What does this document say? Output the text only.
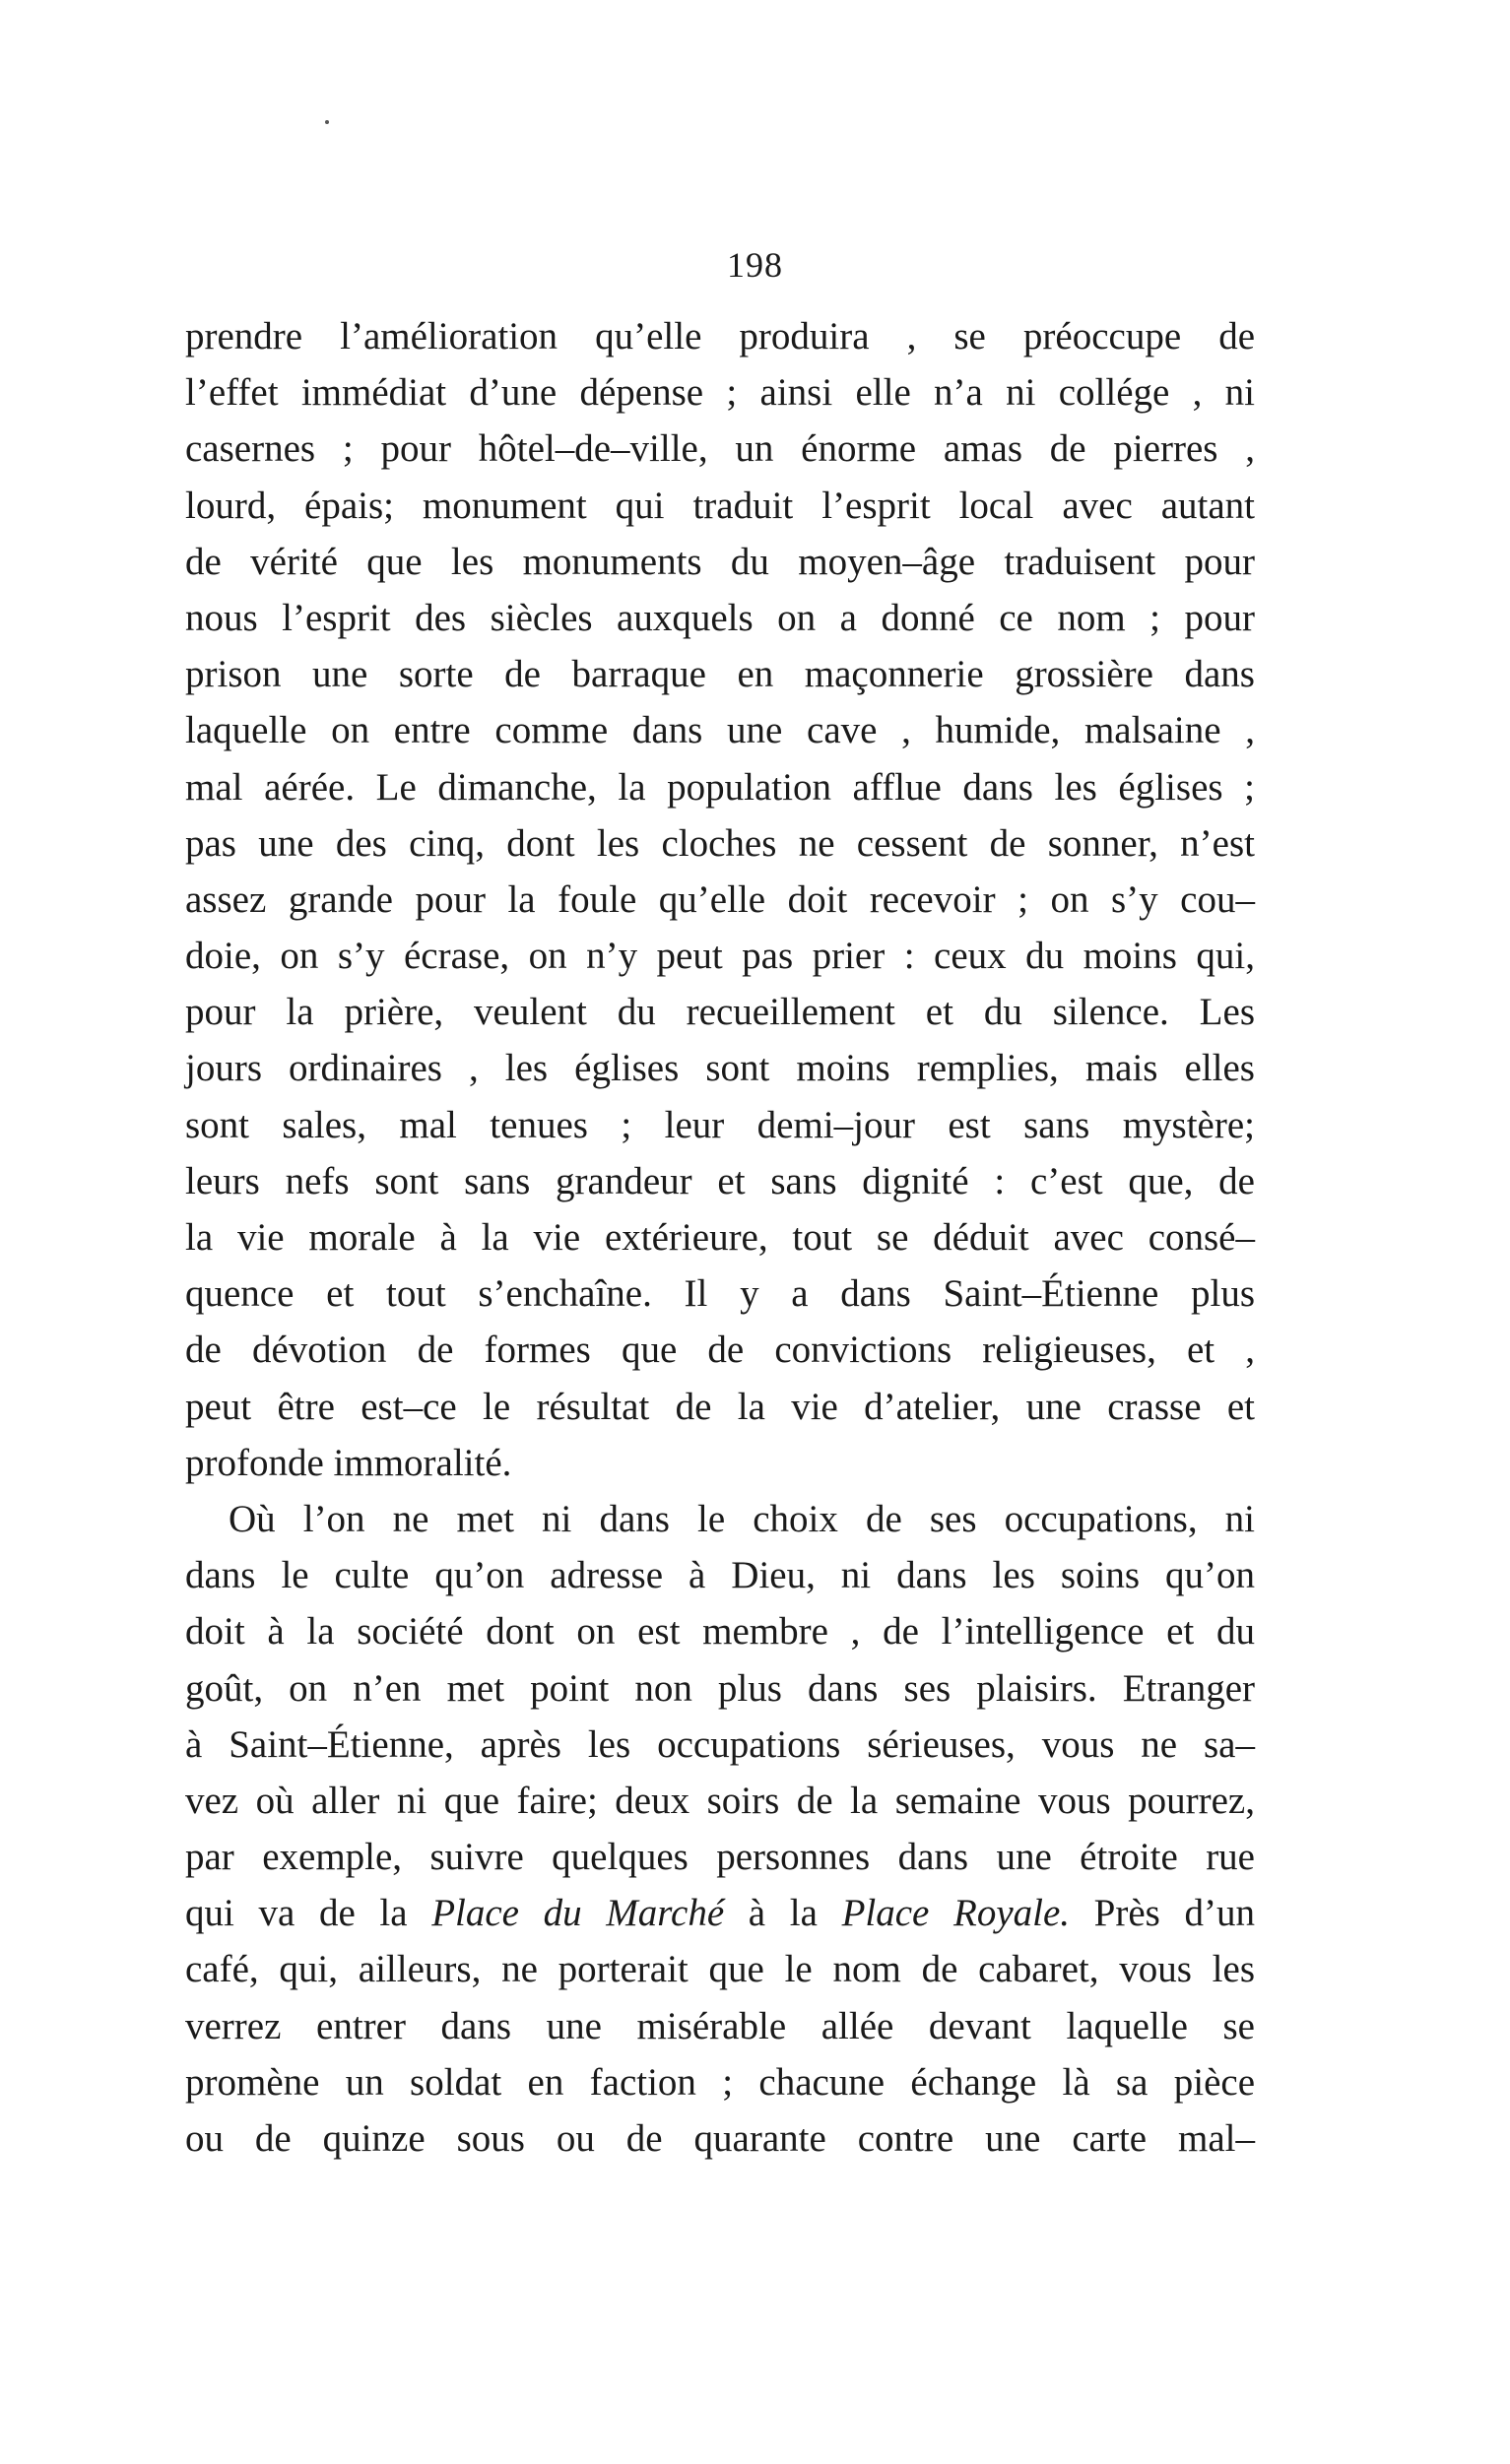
198
prendre l’amélioration qu’elle produira , se préoccupe de
l’effet immédiat d’une dépense ; ainsi elle n’a ni collége , ni
casernes ; pour hôtel–de–ville, un énorme amas de pierres ,
lourd, épais; monument qui traduit l’esprit local avec autant
de vérité que les monuments du moyen–âge traduisent pour
nous l’esprit des siècles auxquels on a donné ce nom ; pour
prison une sorte de barraque en maçonnerie grossière dans
laquelle on entre comme dans une cave , humide, malsaine ,
mal aérée. Le dimanche, la population afflue dans les églises ;
pas une des cinq, dont les cloches ne cessent de sonner, n’est
assez grande pour la foule qu’elle doit recevoir ; on s’y cou–
doie, on s’y écrase, on n’y peut pas prier : ceux du moins qui,
pour la prière, veulent du recueillement et du silence. Les
jours ordinaires , les églises sont moins remplies, mais elles
sont sales, mal tenues ; leur demi–jour est sans mystère;
leurs nefs sont sans grandeur et sans dignité : c’est que, de
la vie morale à la vie extérieure, tout se déduit avec consé–
quence et tout s’enchaîne. Il y a dans Saint–Étienne plus
de dévotion de formes que de convictions religieuses, et ,
peut être est–ce le résultat de la vie d’atelier, une crasse et
profonde immoralité.
Où l’on ne met ni dans le choix de ses occupations, ni
dans le culte qu’on adresse à Dieu, ni dans les soins qu’on
doit à la société dont on est membre , de l’intelligence et du
goût, on n’en met point non plus dans ses plaisirs. Etranger
à Saint–Étienne, après les occupations sérieuses, vous ne sa–
vez où aller ni que faire; deux soirs de la semaine vous pourrez,
par exemple, suivre quelques personnes dans une étroite rue
qui va de la Place du Marché à la Place Royale. Près d’un
café, qui, ailleurs, ne porterait que le nom de cabaret, vous les
verrez entrer dans une misérable allée devant laquelle se
promène un soldat en faction ; chacune échange là sa pièce
ou de quinze sous ou de quarante contre une carte mal–
